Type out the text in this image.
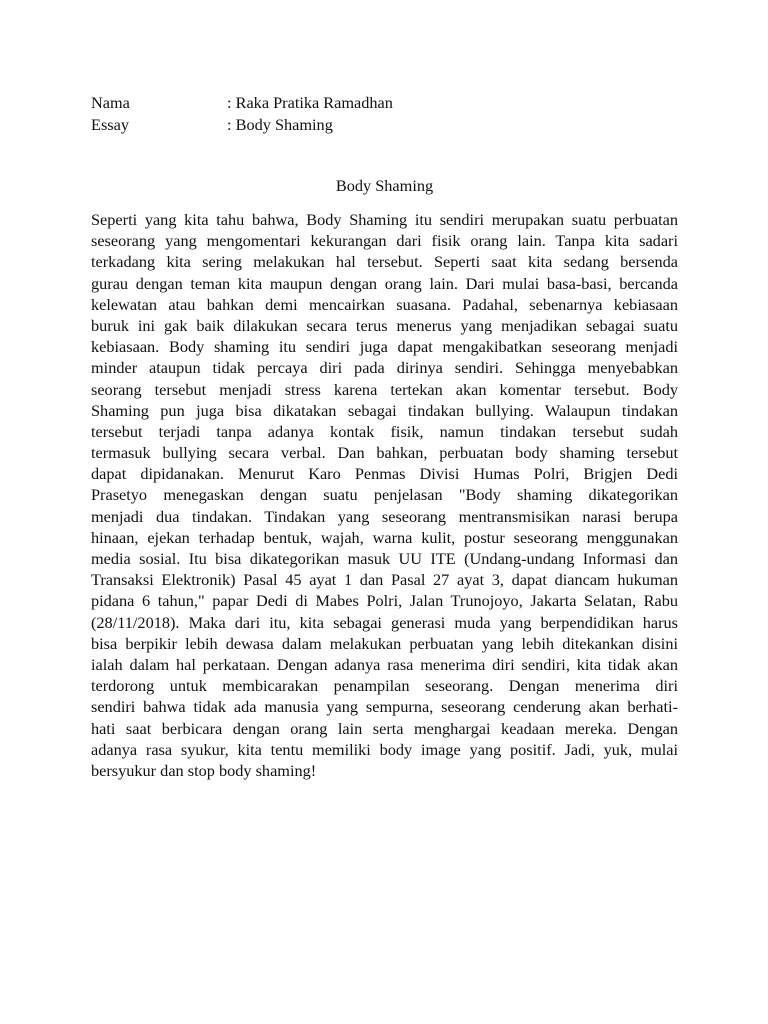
Nama	: Raka Pratika Ramadhan
Essay	: Body Shaming
Body Shaming
Seperti yang kita tahu bahwa, Body Shaming itu sendiri merupakan suatu perbuatan
seseorang yang mengomentari kekurangan dari fisik orang lain. Tanpa kita sadari
terkadang kita sering melakukan hal tersebut. Seperti saat kita sedang bersenda
gurau dengan teman kita maupun dengan orang lain. Dari mulai basa-basi, bercanda
kelewatan atau bahkan demi mencairkan suasana. Padahal, sebenarnya kebiasaan
buruk ini gak baik dilakukan secara terus menerus yang menjadikan sebagai suatu
kebiasaan. Body shaming itu sendiri juga dapat mengakibatkan seseorang menjadi
minder ataupun tidak percaya diri pada dirinya sendiri. Sehingga menyebabkan
seorang tersebut menjadi stress karena tertekan akan komentar tersebut. Body
Shaming pun juga bisa dikatakan sebagai tindakan bullying. Walaupun tindakan
tersebut terjadi tanpa adanya kontak fisik, namun tindakan tersebut sudah
termasuk bullying secara verbal. Dan bahkan, perbuatan body shaming tersebut
dapat dipidanakan. Menurut Karo Penmas Divisi Humas Polri, Brigjen Dedi
Prasetyo menegaskan dengan suatu penjelasan "Body shaming dikategorikan
menjadi dua tindakan. Tindakan yang seseorang mentransmisikan narasi berupa
hinaan, ejekan terhadap bentuk, wajah, warna kulit, postur seseorang menggunakan
media sosial. Itu bisa dikategorikan masuk UU ITE (Undang-undang Informasi dan
Transaksi Elektronik) Pasal 45 ayat 1 dan Pasal 27 ayat 3, dapat diancam hukuman
pidana 6 tahun," papar Dedi di Mabes Polri, Jalan Trunojoyo, Jakarta Selatan, Rabu
(28/11/2018). Maka dari itu, kita sebagai generasi muda yang berpendidikan harus
bisa berpikir lebih dewasa dalam melakukan perbuatan yang lebih ditekankan disini
ialah dalam hal perkataan. Dengan adanya rasa menerima diri sendiri, kita tidak akan
terdorong untuk membicarakan penampilan seseorang. Dengan menerima diri
sendiri bahwa tidak ada manusia yang sempurna, seseorang cenderung akan berhati-
hati saat berbicara dengan orang lain serta menghargai keadaan mereka. Dengan
adanya rasa syukur, kita tentu memiliki body image yang positif. Jadi, yuk, mulai
bersyukur dan stop body shaming!
